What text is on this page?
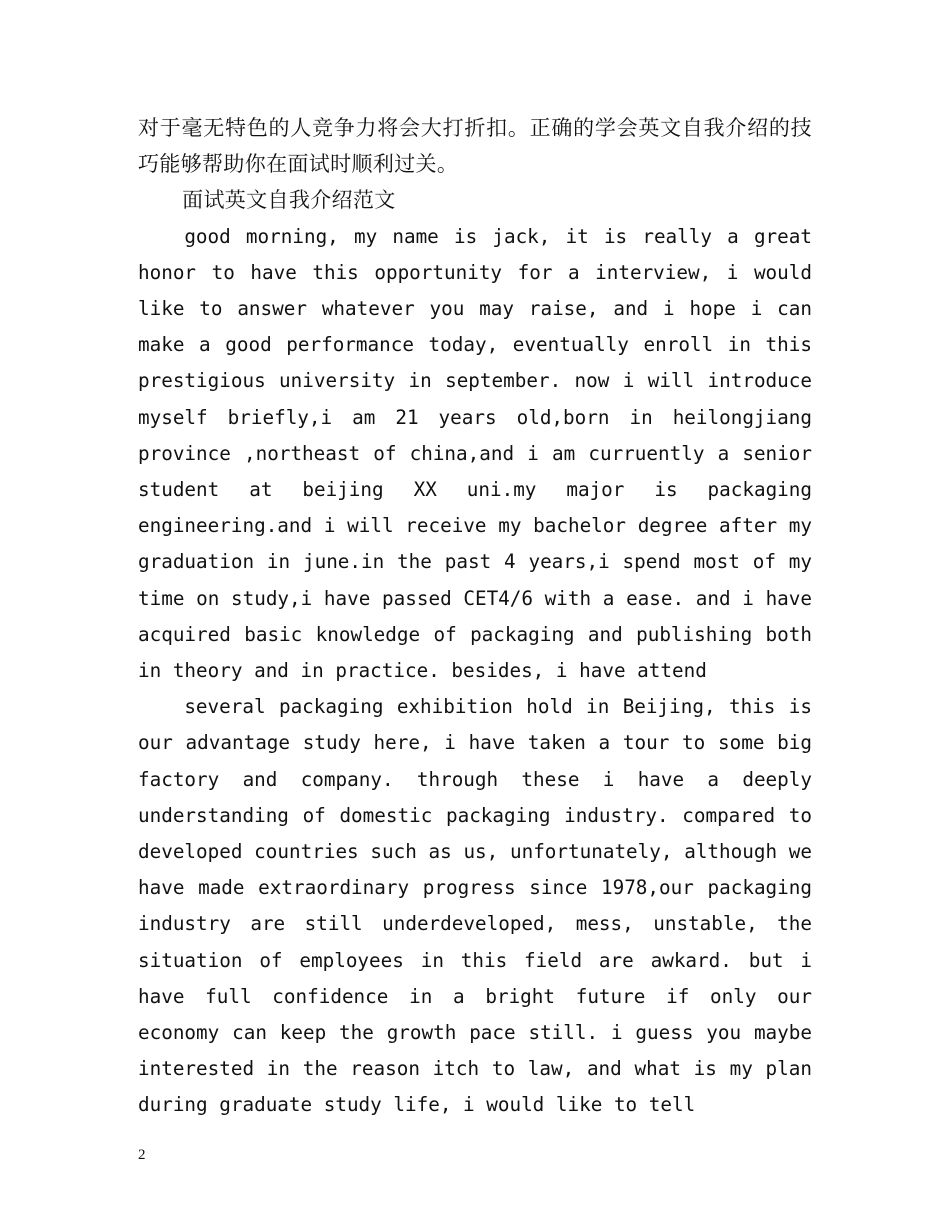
对于毫无特色的人竞争力将会大打折扣。正确的学会英文自我介绍的技巧能够帮助你在面试时顺利过关。

面试英文自我介绍范文

good morning, my name is jack, it is really a great honor to have this opportunity for a interview, i would like to answer whatever you may raise, and i hope i can make a good performance today, eventually enroll in this prestigious university in september. now i will introduce myself briefly,i am 21 years old,born in heilongjiang province ,northeast of china,and i am curruently a senior student at beijing XX uni.my major is packaging engineering.and i will receive my bachelor degree after my graduation in june.in the past 4 years,i spend most of my time on study,i have passed CET4/6 with a ease. and i have acquired basic knowledge of packaging and publishing both in theory and in practice. besides, i have attend

several packaging exhibition hold in Beijing, this is our advantage study here, i have taken a tour to some big factory and company. through these i have a deeply understanding of domestic packaging industry. compared to developed countries such as us, unfortunately, although we have made extraordinary progress since 1978,our packaging industry are still underdeveloped, mess, unstable, the situation of employees in this field are awkard. but i have full confidence in a bright future if only our economy can keep the growth pace still. i guess you maybe interested in the reason itch to law, and what is my plan during graduate study life, i would like to tell

2
